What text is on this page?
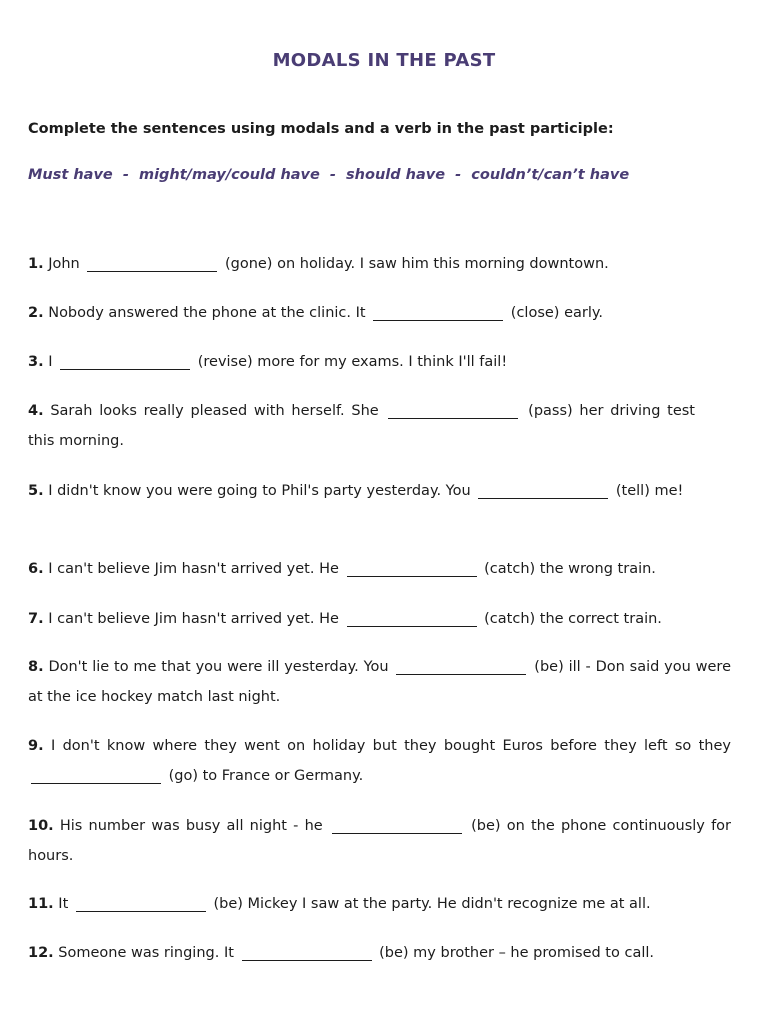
MODALS IN THE PAST
Complete the sentences using modals and a verb in the past participle:
Must have  -  might/may/could have  -  should have  -  couldn’t/can’t have
1. John	(gone) on holiday. I saw him this morning downtown.
2. Nobody answered the phone at the clinic. It	(close) early.
3. I	(revise) more for my exams. I think I'll fail!
4. Sarah looks really pleased with herself. She	(pass) her driving testthis morning.
5. I didn't know you were going to Phil's party yesterday. You	(tell) me!
6. I can't believe Jim hasn't arrived yet. He	(catch) the wrong train.
7. I can't believe Jim hasn't arrived yet. He	(catch) the correct train.
8. Don't lie to me that you were ill yesterday. You	(be) ill - Don said you were at the ice hockey match last night.
9. I don't know where they went on holiday but they bought Euros before they left so they  (go) to France or Germany.
10. His number was busy all night - he	(be) on the phone continuously for hours.
11. It	(be) Mickey I saw at the party. He didn't recognize me at all.
12. Someone was ringing. It	(be) my brother – he promised to call.
